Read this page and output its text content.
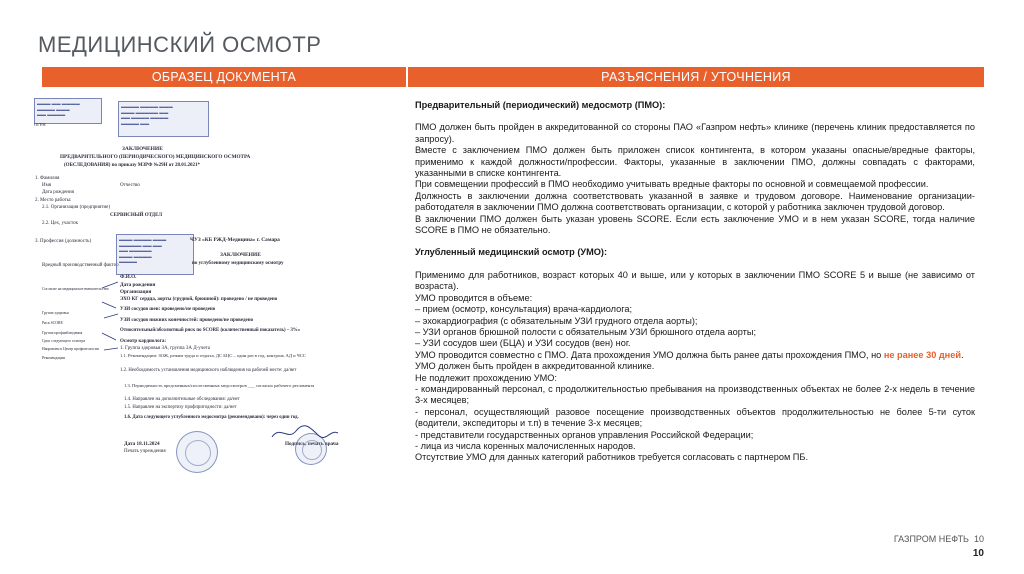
МЕДИЦИНСКИЙ ОСМОТР
ОБРАЗЕЦ ДОКУМЕНТА	РАЗЪЯСНЕНИЯ / УТОЧНЕНИЯ
▬▬▬ ▬▬ ▬▬▬▬
▬▬▬▬ ▬▬▬
▬▬ ▬▬▬▬
▬▬▬▬ ▬▬▬▬ ▬▬▬
▬▬▬ ▬▬▬▬▬ ▬▬
▬▬ ▬▬▬▬ ▬▬▬▬
▬▬▬▬ ▬▬
ОГРН
ЗАКЛЮЧЕНИЕ
ПРЕДВАРИТЕЛЬНОГО (ПЕРИОДИЧЕСКОГО) МЕДИЦИНСКОГО ОСМОТРА
(ОБСЛЕДОВАНИЯ) по приказу МЗРФ №29Н от 28.01.2021*
1. Фамилия
Имя	Отчество
Дата рождения
2. Место работы:
2.1. Организация (предприятие)
СЕРВИСНЫЙ ОТДЕЛ
2.2. Цех, участок
3. Профессия (должность)
Вредный производственный фактор
▬▬▬ ▬▬▬▬ ▬▬▬
▬▬▬▬▬ ▬▬ ▬▬
▬▬ ▬▬▬▬▬
▬▬▬ ▬▬▬▬
▬▬▬▬
ЧУЗ «КБ РЖД-Медицина» г. Самара
ЗАКЛЮЧЕНИЕ
по углубленному медицинскому осмотру
Согласие на медицинское вмешательство
Группа здоровья
Риск SCORE
Группа профнаблюдения
Срок следующего осмотра
Направлен в Центр профпатологии
Рекомендации
Ф.И.О.
Дата рождения
Организация
ЭХО КГ сердца, аорты (грудной, брюшной): проведено / не проведено
УЗИ сосудов шеи: проведено/не проведено
УЗИ сосудов нижних конечностей: проведено/не проведено
Относительный/абсолютный риск по SCORE (количественный показатель) – 3%»
Осмотр кардиолога:
1. Группа здоровья 3А, группа 3А Д-учета
1.1. Рекомендации: ЗОЖ, режим труда и отдыха, ДС БЦС – один раз в год, контроль АД и ЧСС
1.2. Необходимость установления медицинского наблюдения на рабочей месте: да/нет
1.3. Периодичность предсменных/послесменных медосмотров ___ согласно рабочего регламента
1.4. Направлен на дополнительные обследования: да/нет
1.5. Направлен на экспертизу профпригодности: да/нет
1.6. Дата следующего углубленного медосмотра (рекомендовано): через один год.
Дата 18.11.2024
Печать учреждения
Подпись, печать врача

Предварительный (периодический) медосмотр (ПМО):

ПМО должен быть пройден в аккредитованной со стороны ПАО «Газпром нефть» клинике (перечень клиник предоставляется по запросу).

Вместе с заключением ПМО должен быть приложен список контингента, в котором указаны опасные/вредные факторы, применимо к каждой должности/профессии. Факторы, указанные в заключении ПМО, должны совпадать с факторами, указанными в списке контингента.

При совмещении профессий в ПМО необходимо учитывать вредные факторы по основной и совмещаемой профессии.

Должность в заключении должна соответствовать указанной в заявке и трудовом договоре. Наименование организации-работодателя в заключении ПМО должна соответствовать организации, с которой у работника заключен трудовой договор.

В заключении ПМО должен быть указан уровень SCORE. Если есть заключение УМО и в нем указан SCORE, тогда наличие SCORE в ПМО не обязательно.

Углубленный медицинский осмотр (УМО):

Применимо для работников, возраст которых 40 и выше, или у которых в заключении ПМО SCORE 5 и выше (не зависимо от возраста).

УМО проводится в объеме:

– прием (осмотр, консультация) врача-кардиолога;

– эхокардиография (с обязательным УЗИ грудного отдела аорты);

– УЗИ органов брюшной полости с обязательным УЗИ брюшного отдела аорты;

– УЗИ сосудов шеи (БЦА) и УЗИ сосудов (вен) ног.

УМО проводится совместно с ПМО. Дата прохождения УМО должна быть ранее даты прохождения ПМО, но не ранее 30 дней.

УМО должен быть пройден в аккредитованной клинике.

Не подлежит прохождению УМО:

- командированный персонал, с продолжительностью пребывания на производственных объектах не более 2-х недель в течение 3-х месяцев;

- персонал, осуществляющий разовое посещение производственных объектов продолжительностью не более 5-ти суток (водители, экспедиторы и т.п) в течение 3-х месяцев;

- представители государственных органов управления Российской Федерации;

- лица из числа коренных малочисленных народов.

Отсутствие УМО для данных категорий работников требуется согласовать с партнером ПБ.

ГАЗПРОМ НЕФТЬ 10
10
